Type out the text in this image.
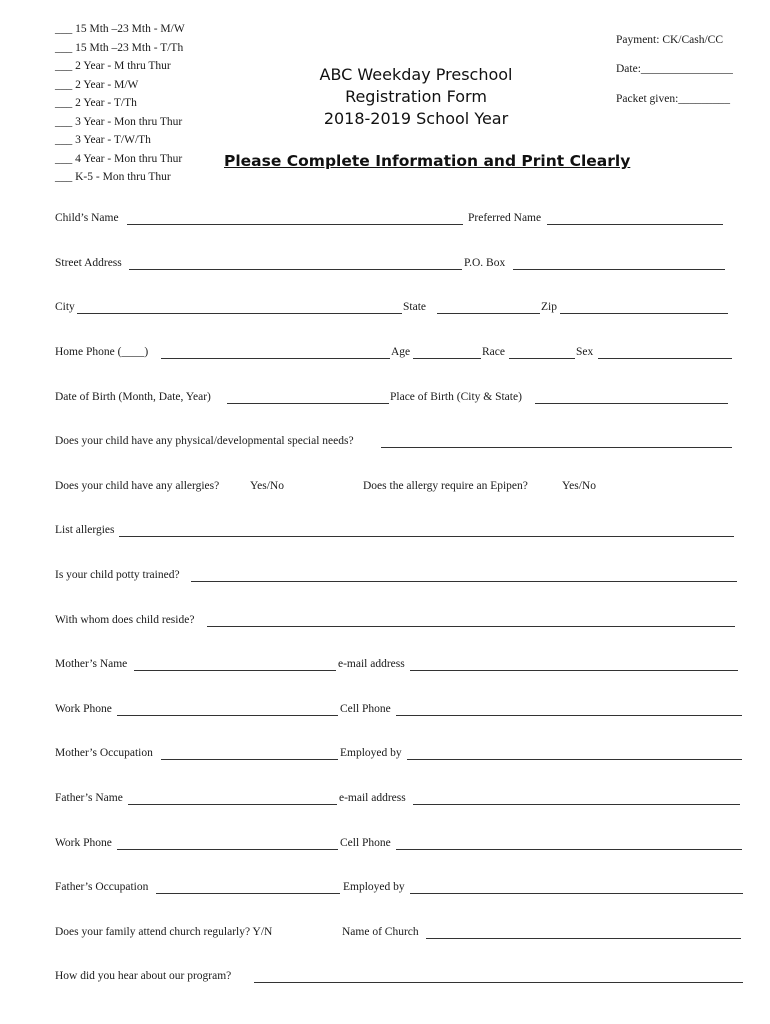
___ 15 Mth –23 Mth - M/W
___ 15 Mth –23 Mth - T/Th
___ 2 Year - M thru Thur
___ 2 Year - M/W
___ 2 Year - T/Th
___ 3 Year - Mon thru Thur
___ 3 Year - T/W/Th
___ 4 Year - Mon thru Thur
___ K-5 - Mon thru Thur
Payment: CK/Cash/CC
Date:________________
Packet given:_________
ABC Weekday Preschool
Registration Form
2018-2019 School Year
Please Complete Information and Print Clearly
Child’s Name	Preferred Name
Street Address	P.O. Box
City	State	Zip
Home Phone (____)	Age	Race	Sex
Date of Birth (Month, Date, Year)	Place of Birth (City & State)
Does your child have any physical/developmental special needs?
Does your child have any allergies?	Yes/No	Does the allergy require an Epipen?	Yes/No
List allergies
Is your child potty trained?
With whom does child reside?
Mother’s Name	e-mail address
Work Phone	Cell Phone
Mother’s Occupation	Employed by
Father’s Name	e-mail address
Work Phone	Cell Phone
Father’s Occupation	Employed by
Does your family attend church regularly? Y/N	Name of Church
How did you hear about our program?
